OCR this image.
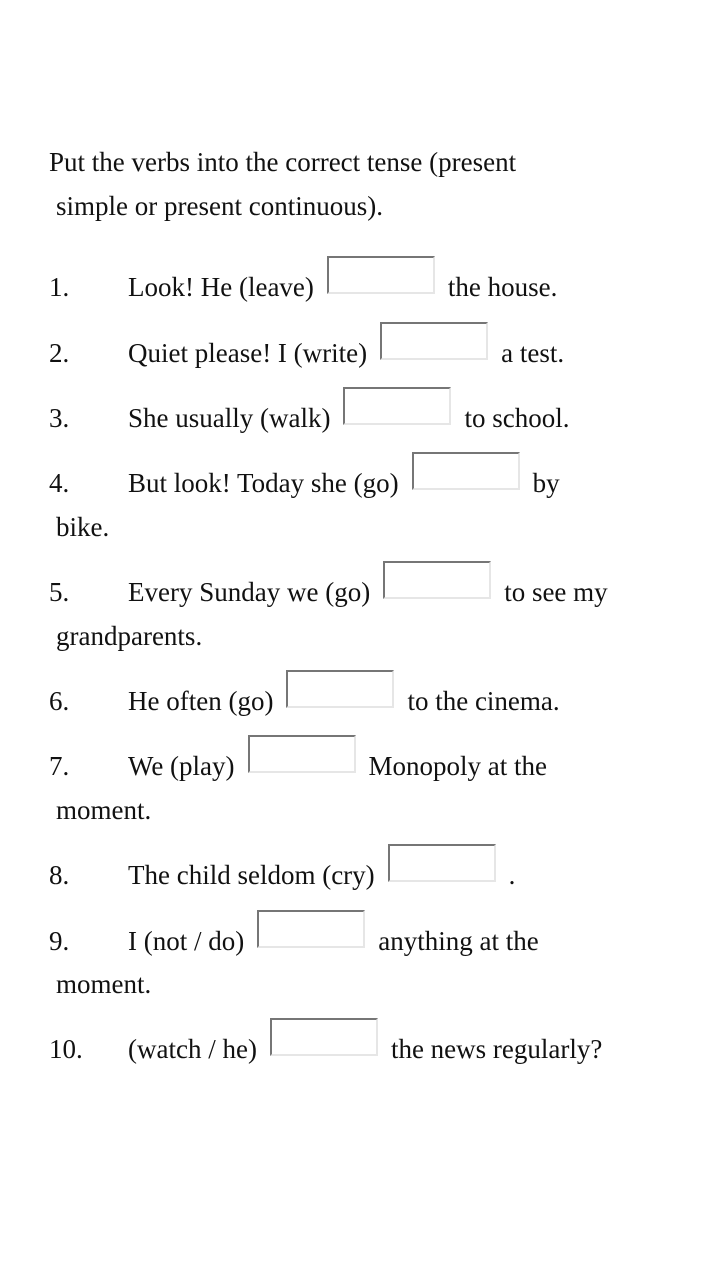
Put the verbs into the correct tense (present
simple or present continuous).

1. Look! He (leave)	the house.
2. Quiet please! I (write)	a test.
3. She usually (walk)	to school.
4. But look! Today she (go)	by
bike.
5. Every Sunday we (go)	to see my
grandparents.
6. He often (go)	to the cinema.
7. We (play)	Monopoly at the
moment.
8. The child seldom (cry)	.
9. I (not / do)	anything at the
moment.
10. (watch / he)	the news regularly?
